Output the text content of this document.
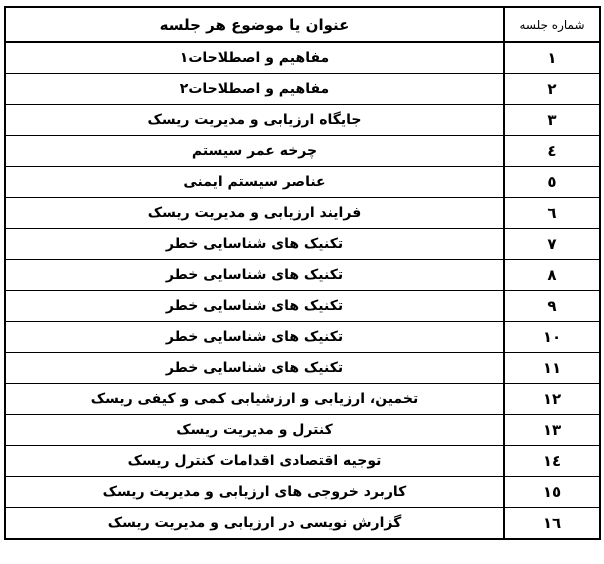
شماره جلسه	عنوان یا موضوع هر جلسه
۱	مفاهیم و اصطلاحات۱
۲	مفاهیم و اصطلاحات۲
۳	جایگاه ارزیابی و مدیریت ریسک
٤	چرخه عمر سیستم
٥	عناصر سیستم ایمنی
٦	فرایند ارزیابی و مدیریت ریسک
۷	تکنیک های شناسایی خطر
۸	تکنیک های شناسایی خطر
۹	تکنیک های شناسایی خطر
۱۰	تکنیک های شناسایی خطر
۱۱	تکنیک های شناسایی خطر
۱۲	تخمین، ارزیابی و ارزشیابی کمی و کیفی ریسک
۱۳	کنترل و مدیریت ریسک
۱٤	توجیه اقتصادی اقدامات کنترل ریسک
۱٥	کاربرد خروجی های ارزیابی و مدیریت ریسک
۱٦	گزارش نویسی در ارزیابی و مدیریت ریسک
